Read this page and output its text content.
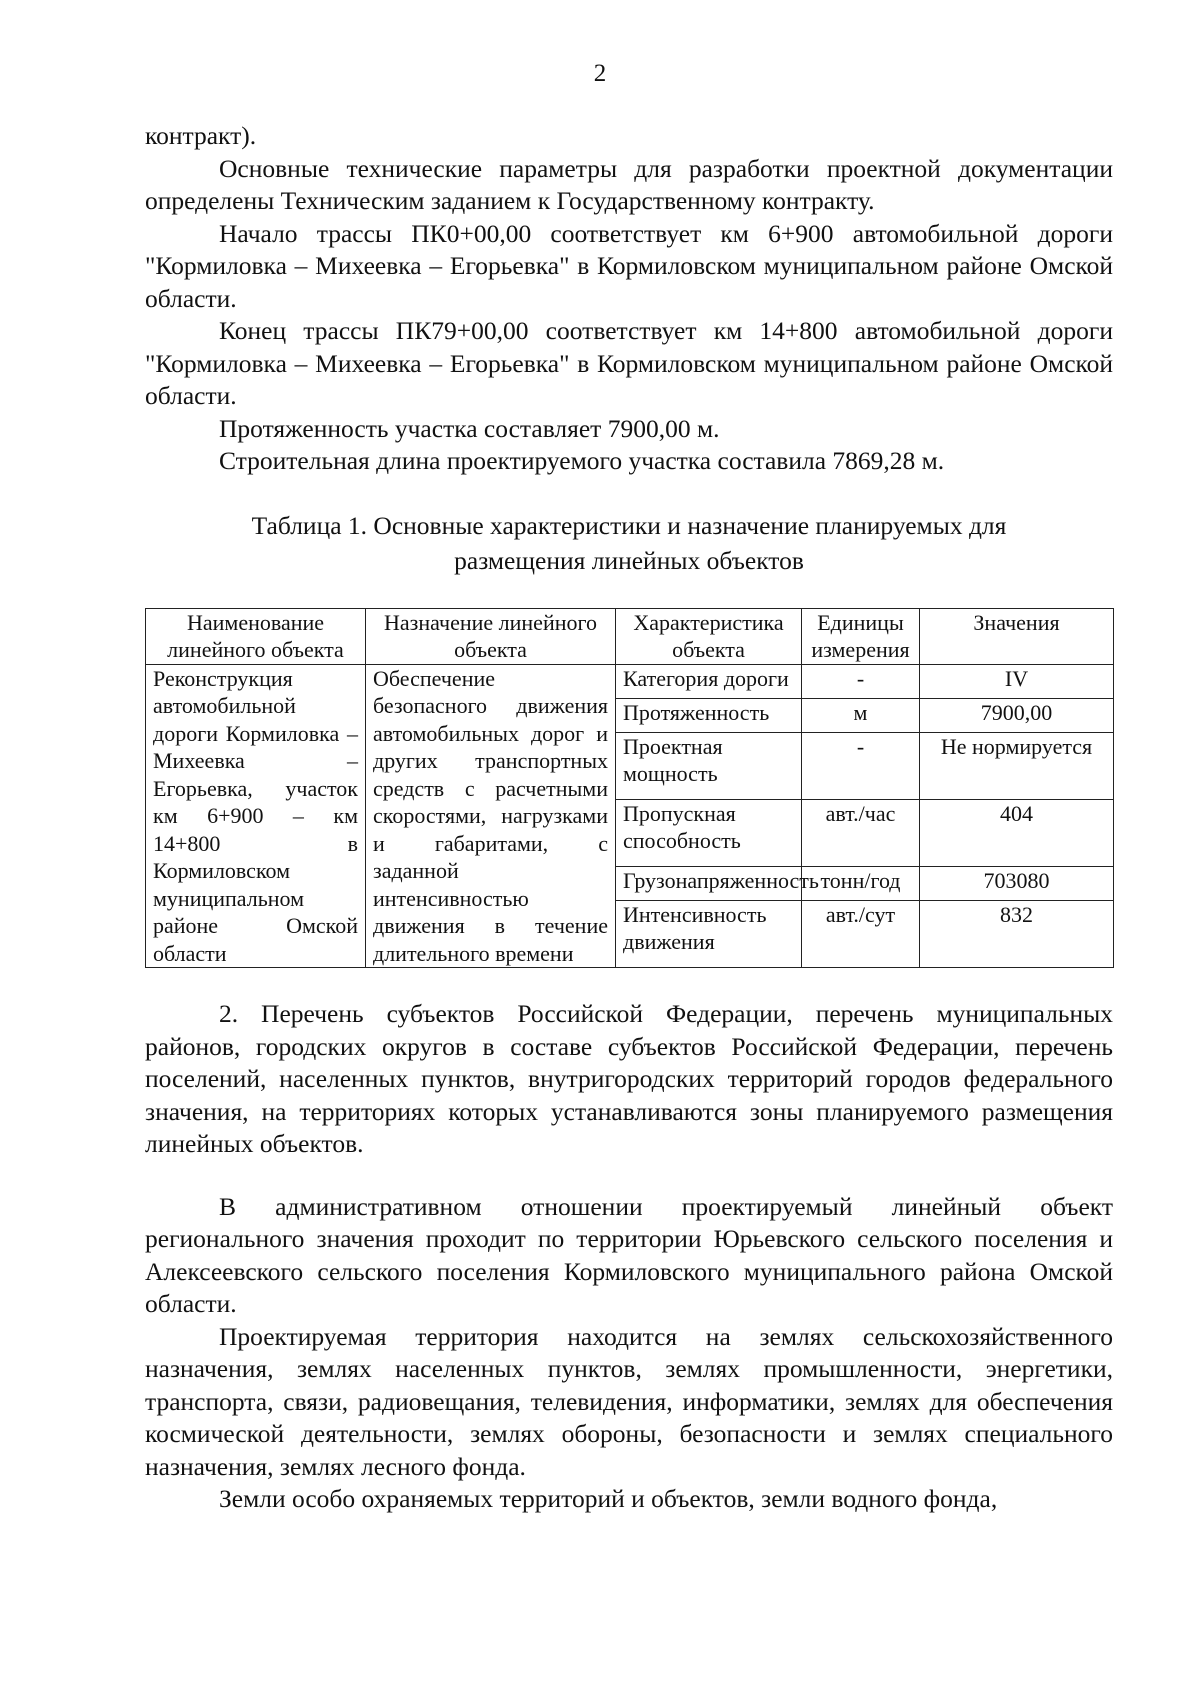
2

контракт).

Основные технические параметры для разработки проектной документации определены Техническим заданием к Государственному контракту.

Начало трассы ПК0+00,00 соответствует км 6+900 автомобильной дороги "Кормиловка – Михеевка – Егорьевка" в Кормиловском муниципальном районе Омской области.

Конец трассы ПК79+00,00 соответствует км 14+800 автомобильной дороги "Кормиловка – Михеевка – Егорьевка" в Кормиловском муниципальном районе Омской области.

Протяженность участка составляет 7900,00 м.

Строительная длина проектируемого участка составила 7869,28 м.

Таблица 1. Основные характеристики и назначение планируемых для
размещения линейных объектов

Наименование линейного объекта	Назначение линейного объекта	Характеристика объекта	Единицы измерения	Значения
Реконструкция автомобильной дороги Кормиловка – Михеевка – Егорьевка, участок км 6+900 – км 14+800 в Кормиловском муниципальном районе Омской области	Обеспечение безопасного движения автомобильных дорог и других транспортных средств с расчетными скоростями, нагрузками и габаритами, с заданной интенсивностью движения в течение длительного времени	Категория дороги	-	IV
		Протяженность	м	7900,00
		Проектная мощность	-	Не нормируется
		Пропускная способность	авт./час	404
		Грузонапряженность	тонн/год	703080
		Интенсивность движения	авт./сут	832

2. Перечень субъектов Российской Федерации, перечень муниципальных районов, городских округов в составе субъектов Российской Федерации, перечень поселений, населенных пунктов, внутригородских территорий городов федерального значения, на территориях которых устанавливаются зоны планируемого размещения линейных объектов.

В административном отношении проектируемый линейный объект регионального значения проходит по территории Юрьевского сельского поселения и Алексеевского сельского поселения Кормиловского муниципального района Омской области.

Проектируемая территория находится на землях сельскохозяйственного назначения, землях населенных пунктов, землях промышленности, энергетики, транспорта, связи, радиовещания, телевидения, информатики, землях для обеспечения космической деятельности, землях обороны, безопасности и землях специального назначения, землях лесного фонда.

Земли особо охраняемых территорий и объектов, земли водного фонда,
